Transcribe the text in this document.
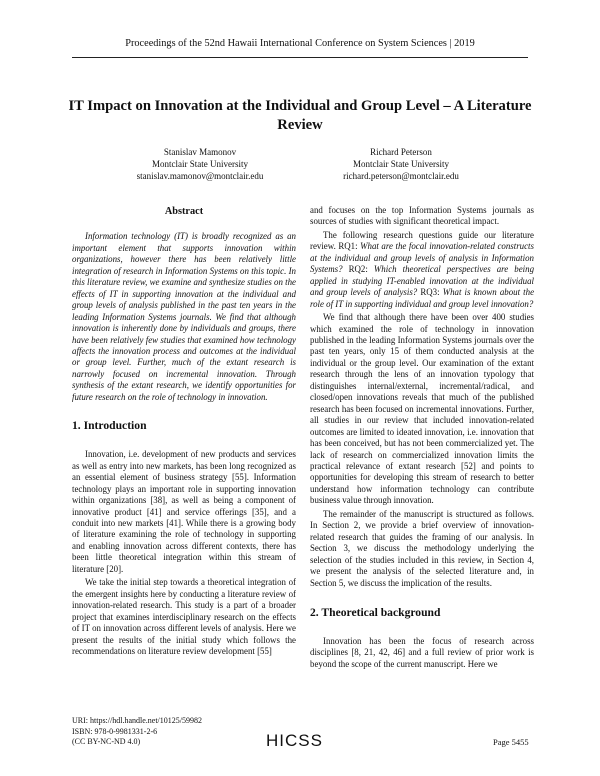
Proceedings of the 52nd Hawaii International Conference on System Sciences | 2019
IT Impact on Innovation at the Individual and Group Level – A Literature Review
Stanislav Mamonov
Montclair State University
stanislav.mamonov@montclair.edu
Richard Peterson
Montclair State University
richard.peterson@montclair.edu

Abstract

Information technology (IT) is broadly recognized as an important element that supports innovation within organizations, however there has been relatively little integration of research in Information Systems on this topic. In this literature review, we examine and synthesize studies on the effects of IT in supporting innovation at the individual and group levels of analysis published in the past ten years in the leading Information Systems journals. We find that although innovation is inherently done by individuals and groups, there have been relatively few studies that examined how technology affects the innovation process and outcomes at the individual or group level. Further, much of the extant research is narrowly focused on incremental innovation. Through synthesis of the extant research, we identify opportunities for future research on the role of technology in innovation.

1. Introduction

Innovation, i.e. development of new products and services as well as entry into new markets, has been long recognized as an essential element of business strategy [55]. Information technology plays an important role in supporting innovation within organizations [38], as well as being a component of innovative product [41] and service offerings [35], and a conduit into new markets [41]. While there is a growing body of literature examining the role of technology in supporting and enabling innovation across different contexts, there has been little theoretical integration within this stream of literature [20].

We take the initial step towards a theoretical integration of the emergent insights here by conducting a literature review of innovation-related research. This study is a part of a broader project that examines interdisciplinary research on the effects of IT on innovation across different levels of analysis. Here we present the results of the initial study which follows the recommendations on literature review development [55]

and focuses on the top Information Systems journals as sources of studies with significant theoretical impact.

The following research questions guide our literature review. RQ1: What are the focal innovation-related constructs at the individual and group levels of analysis in Information Systems? RQ2: Which theoretical perspectives are being applied in studying IT-enabled innovation at the individual and group levels of analysis? RQ3: What is known about the role of IT in supporting individual and group level innovation?

We find that although there have been over 400 studies which examined the role of technology in innovation published in the leading Information Systems journals over the past ten years, only 15 of them conducted analysis at the individual or the group level. Our examination of the extant research through the lens of an innovation typology that distinguishes internal/external, incremental/radical, and closed/open innovations reveals that much of the published research has been focused on incremental innovations. Further, all studies in our review that included innovation-related outcomes are limited to ideated innovation, i.e. innovation that has been conceived, but has not been commercialized yet. The lack of research on commercialized innovation limits the practical relevance of extant research [52] and points to opportunities for developing this stream of research to better understand how information technology can contribute business value through innovation.

The remainder of the manuscript is structured as follows. In Section 2, we provide a brief overview of innovation-related research that guides the framing of our analysis. In Section 3, we discuss the methodology underlying the selection of the studies included in this review, in Section 4, we present the analysis of the selected literature and, in Section 5, we discuss the implication of the results.

2. Theoretical background

Innovation has been the focus of research across disciplines [8, 21, 42, 46] and a full review of prior work is beyond the scope of the current manuscript. Here we

URI: https://hdl.handle.net/10125/59982
ISBN: 978-0-9981331-2-6
(CC BY-NC-ND 4.0)	HICSS	Page 5455
